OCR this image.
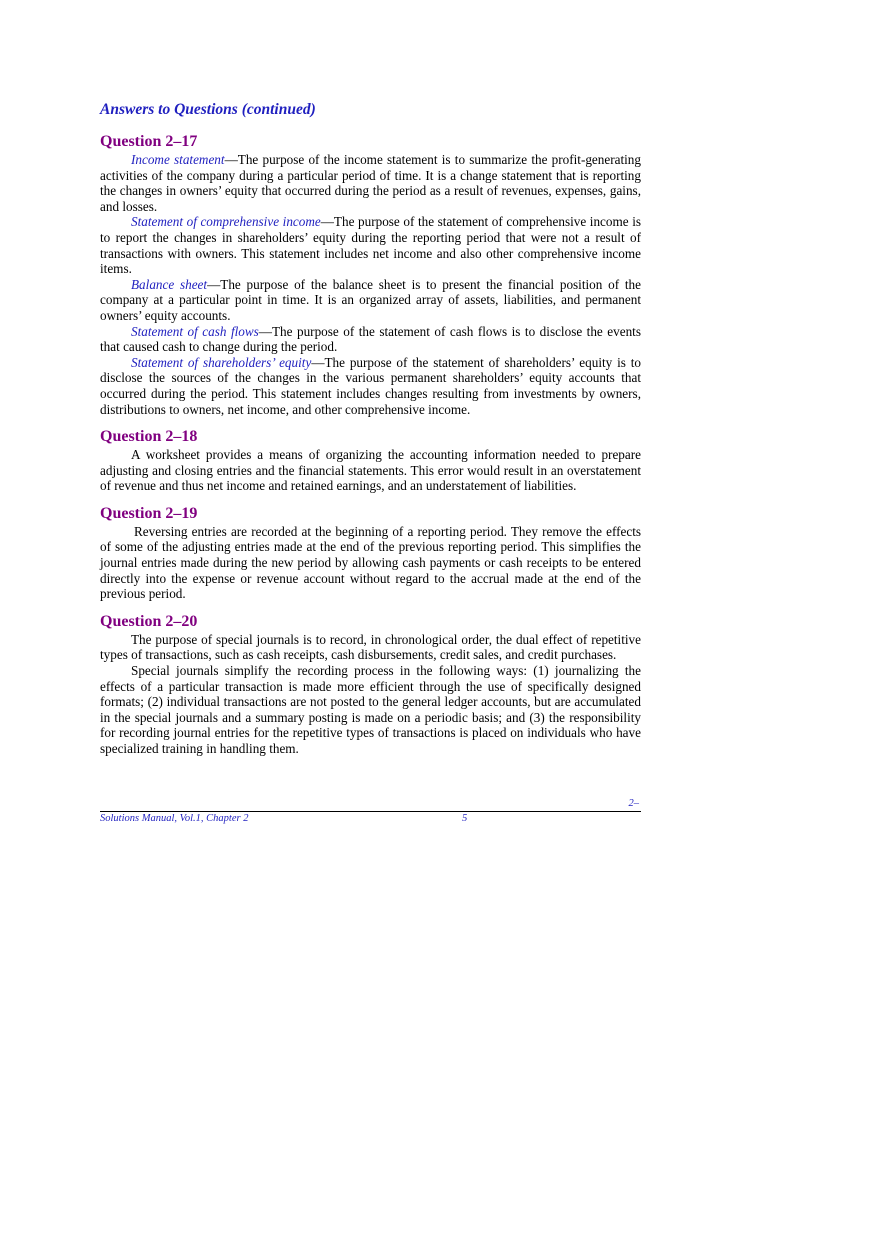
Answers to Questions (continued)
Question 2–17

Income statement—The purpose of the income statement is to summarize the profit-generating activities of the company during a particular period of time. It is a change statement that is reporting the changes in owners’ equity that occurred during the period as a result of revenues, expenses, gains, and losses.

Statement of comprehensive income—The purpose of the statement of comprehensive income is to report the changes in shareholders’ equity during the reporting period that were not a result of transactions with owners. This statement includes net income and also other comprehensive income items.

Balance sheet—The purpose of the balance sheet is to present the financial position of the company at a particular point in time. It is an organized array of assets, liabilities, and permanent owners’ equity accounts.

Statement of cash flows—The purpose of the statement of cash flows is to disclose the events that caused cash to change during the period.

Statement of shareholders’ equity—The purpose of the statement of shareholders’ equity is to disclose the sources of the changes in the various permanent shareholders’ equity accounts that occurred during the period. This statement includes changes resulting from investments by owners, distributions to owners, net income, and other comprehensive income.

Question 2–18

A worksheet provides a means of organizing the accounting information needed to prepare adjusting and closing entries and the financial statements. This error would result in an overstatement of revenue and thus net income and retained earnings, and an understatement of liabilities.

Question 2–19

Reversing entries are recorded at the beginning of a reporting period. They remove the effects of some of the adjusting entries made at the end of the previous reporting period. This simplifies the journal entries made during the new period by allowing cash payments or cash receipts to be entered directly into the expense or revenue account without regard to the accrual made at the end of the previous period.

Question 2–20

The purpose of special journals is to record, in chronological order, the dual effect of repetitive types of transactions, such as cash receipts, cash disbursements, credit sales, and credit purchases.

Special journals simplify the recording process in the following ways: (1) journalizing the effects of a particular transaction is made more efficient through the use of specifically designed formats; (2) individual transactions are not posted to the general ledger accounts, but are accumulated in the special journals and a summary posting is made on a periodic basis; and (3) the responsibility for recording journal entries for the repetitive types of transactions is placed on individuals who have specialized training in handling them.

2–
Solutions Manual, Vol.1, Chapter 2	5
